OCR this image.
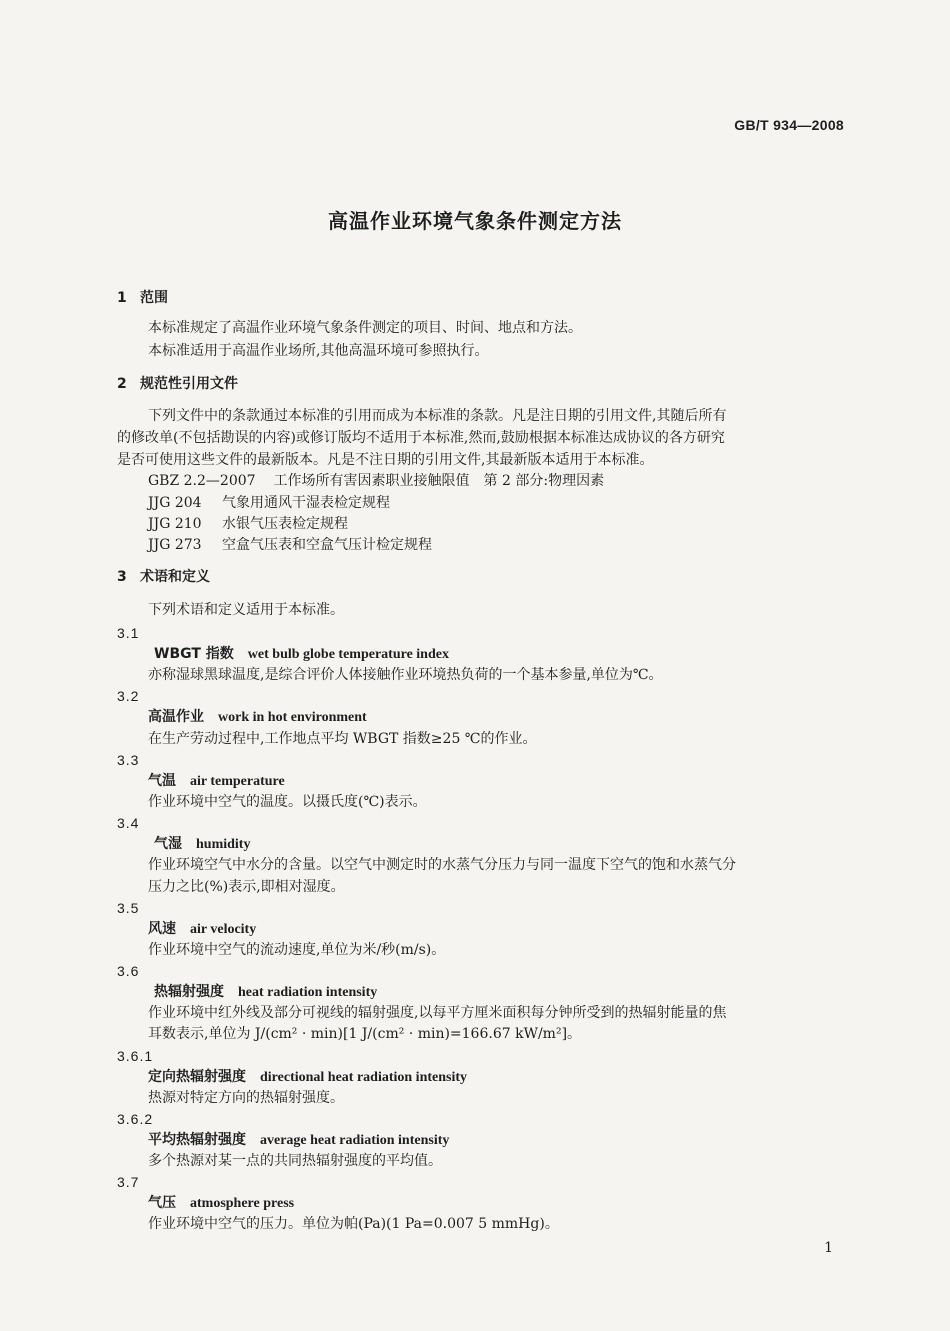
GB/T 934—2008
高温作业环境气象条件测定方法
1 范围
本标准规定了高温作业环境气象条件测定的项目、时间、地点和方法。
本标准适用于高温作业场所,其他高温环境可参照执行。
2 规范性引用文件
下列文件中的条款通过本标准的引用而成为本标准的条款。凡是注日期的引用文件,其随后所有
的修改单(不包括勘误的内容)或修订版均不适用于本标准,然而,鼓励根据本标准达成协议的各方研究
是否可使用这些文件的最新版本。凡是不注日期的引用文件,其最新版本适用于本标准。
GBZ 2.2—2007 工作场所有害因素职业接触限值　第 2 部分:物理因素
JJG 204 气象用通风干湿表检定规程
JJG 210 水银气压表检定规程
JJG 273 空盒气压表和空盒气压计检定规程
3 术语和定义
下列术语和定义适用于本标准。
3.1
WBGT 指数 wet bulb globe temperature index
亦称湿球黑球温度,是综合评价人体接触作业环境热负荷的一个基本参量,单位为℃。
3.2
高温作业 work in hot environment
在生产劳动过程中,工作地点平均 WBGT 指数≥25 ℃的作业。
3.3
气温 air temperature
作业环境中空气的温度。以摄氏度(℃)表示。
3.4
气湿 humidity
作业环境空气中水分的含量。以空气中测定时的水蒸气分压力与同一温度下空气的饱和水蒸气分
压力之比(%)表示,即相对湿度。
3.5
风速 air velocity
作业环境中空气的流动速度,单位为米/秒(m/s)。
3.6
热辐射强度 heat radiation intensity
作业环境中红外线及部分可视线的辐射强度,以每平方厘米面积每分钟所受到的热辐射能量的焦
耳数表示,单位为 J/(cm² · min)[1 J/(cm² · min)=166.67 kW/m²]。
3.6.1
定向热辐射强度 directional heat radiation intensity
热源对特定方向的热辐射强度。
3.6.2
平均热辐射强度 average heat radiation intensity
多个热源对某一点的共同热辐射强度的平均值。
3.7
气压 atmosphere press
作业环境中空气的压力。单位为帕(Pa)(1 Pa=0.007 5 mmHg)。
1
